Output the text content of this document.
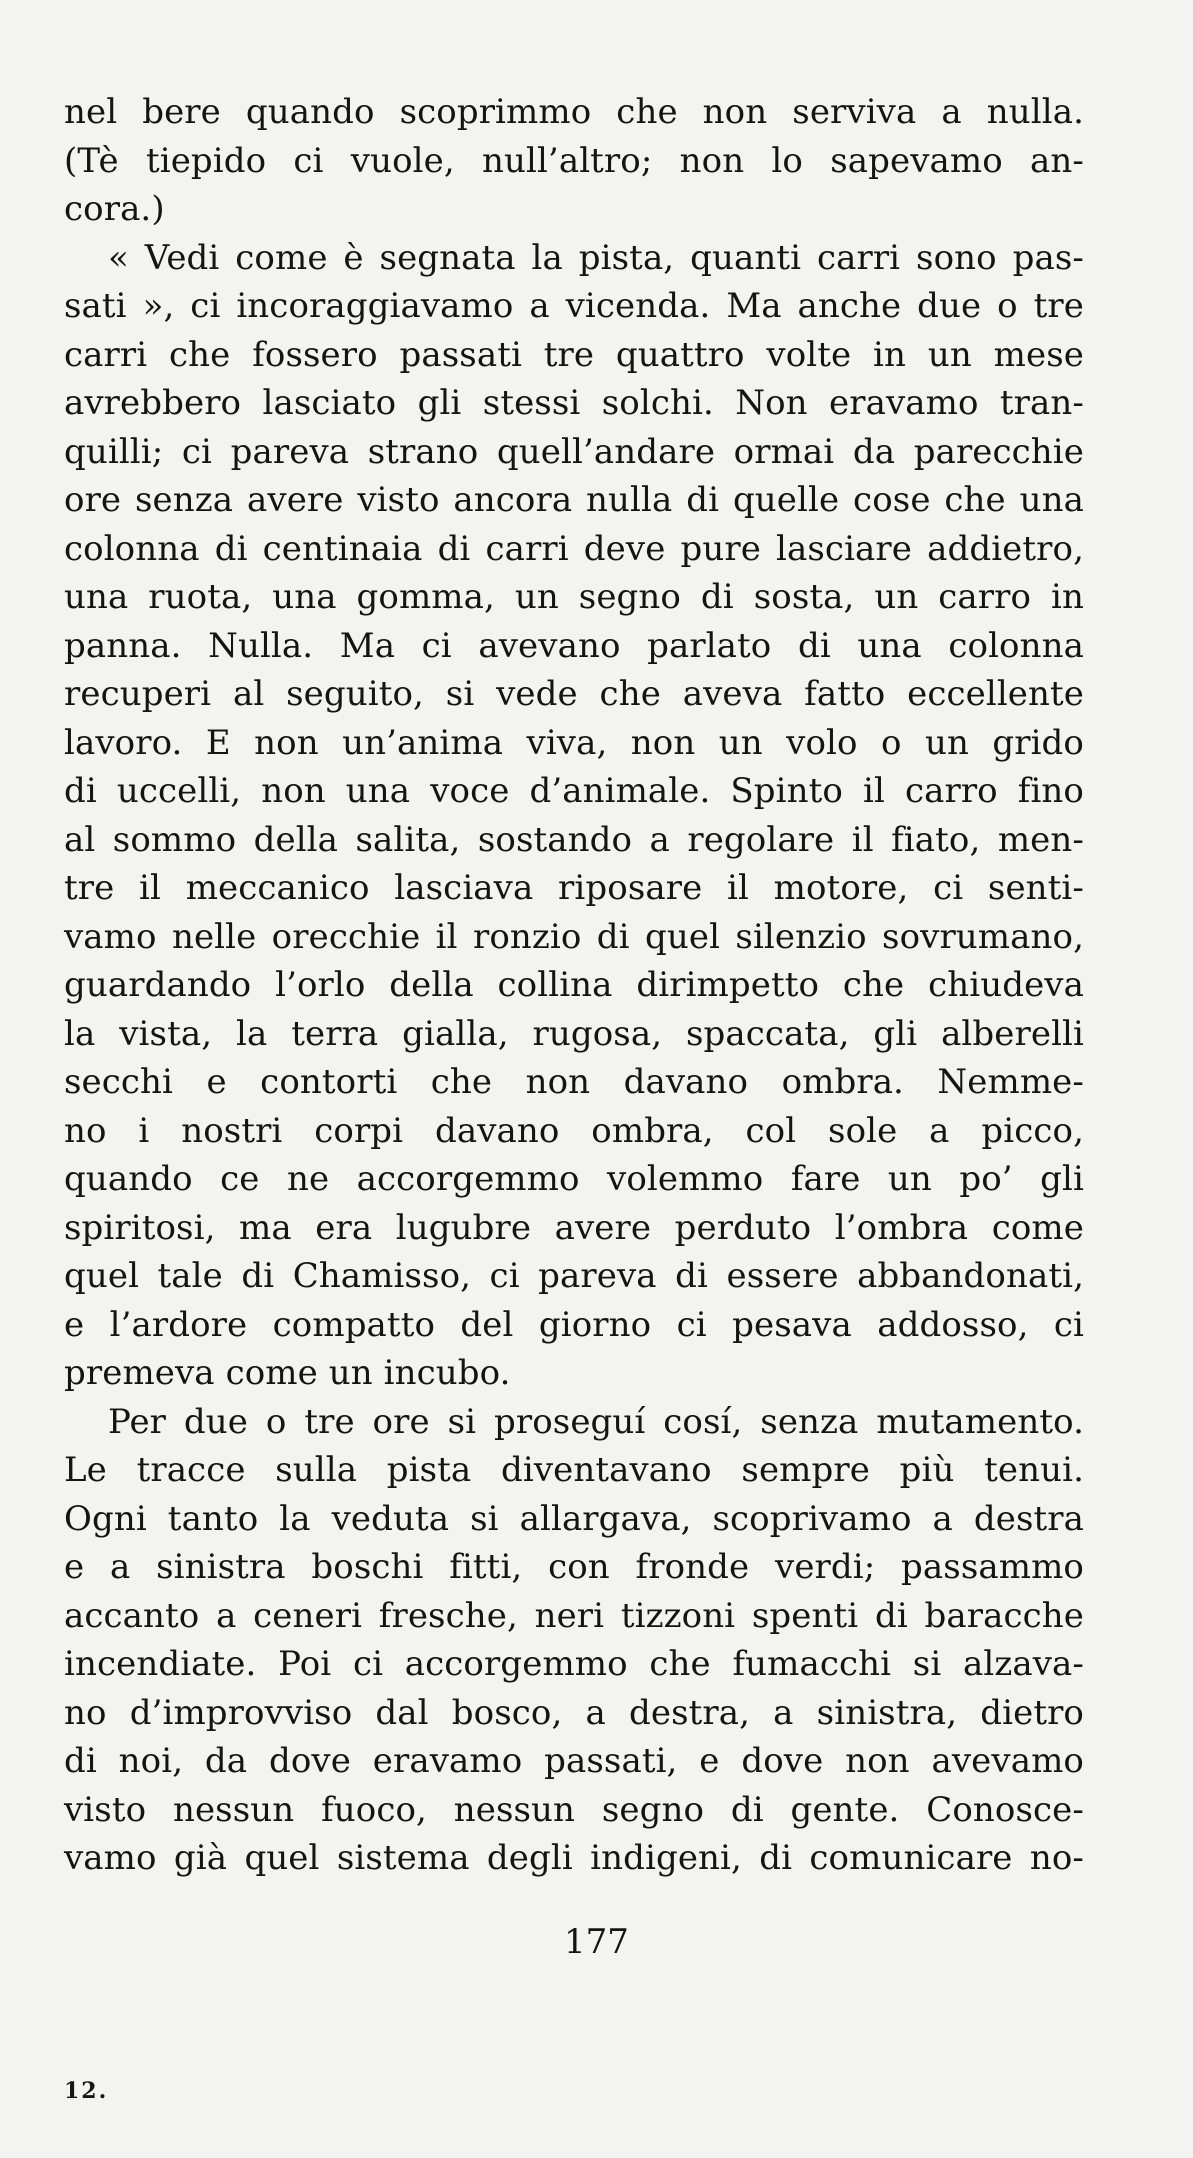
nel bere quando scoprimmo che non serviva a nulla.
(Tè tiepido ci vuole, null’altro; non lo sapevamo an-
cora.)
« Vedi come è segnata la pista, quanti carri sono pas-
sati », ci incoraggiavamo a vicenda. Ma anche due o tre
carri che fossero passati tre quattro volte in un mese
avrebbero lasciato gli stessi solchi. Non eravamo tran-
quilli; ci pareva strano quell’andare ormai da parecchie
ore senza avere visto ancora nulla di quelle cose che una
colonna di centinaia di carri deve pure lasciare addietro,
una ruota, una gomma, un segno di sosta, un carro in
panna. Nulla. Ma ci avevano parlato di una colonna
recuperi al seguito, si vede che aveva fatto eccellente
lavoro. E non un’anima viva, non un volo o un grido
di uccelli, non una voce d’animale. Spinto il carro fino
al sommo della salita, sostando a regolare il fiato, men-
tre il meccanico lasciava riposare il motore, ci senti-
vamo nelle orecchie il ronzio di quel silenzio sovrumano,
guardando l’orlo della collina dirimpetto che chiudeva
la vista, la terra gialla, rugosa, spaccata, gli alberelli
secchi e contorti che non davano ombra. Nemme-
no i nostri corpi davano ombra, col sole a picco,
quando ce ne accorgemmo volemmo fare un po’ gli
spiritosi, ma era lugubre avere perduto l’ombra come
quel tale di Chamisso, ci pareva di essere abbandonati,
e l’ardore compatto del giorno ci pesava addosso, ci
premeva come un incubo.
Per due o tre ore si proseguí cosí, senza mutamento.
Le tracce sulla pista diventavano sempre più tenui.
Ogni tanto la veduta si allargava, scoprivamo a destra
e a sinistra boschi fitti, con fronde verdi; passammo
accanto a ceneri fresche, neri tizzoni spenti di baracche
incendiate. Poi ci accorgemmo che fumacchi si alzava-
no d’improvviso dal bosco, a destra, a sinistra, dietro
di noi, da dove eravamo passati, e dove non avevamo
visto nessun fuoco, nessun segno di gente. Conosce-
vamo già quel sistema degli indigeni, di comunicare no-
177
12.
